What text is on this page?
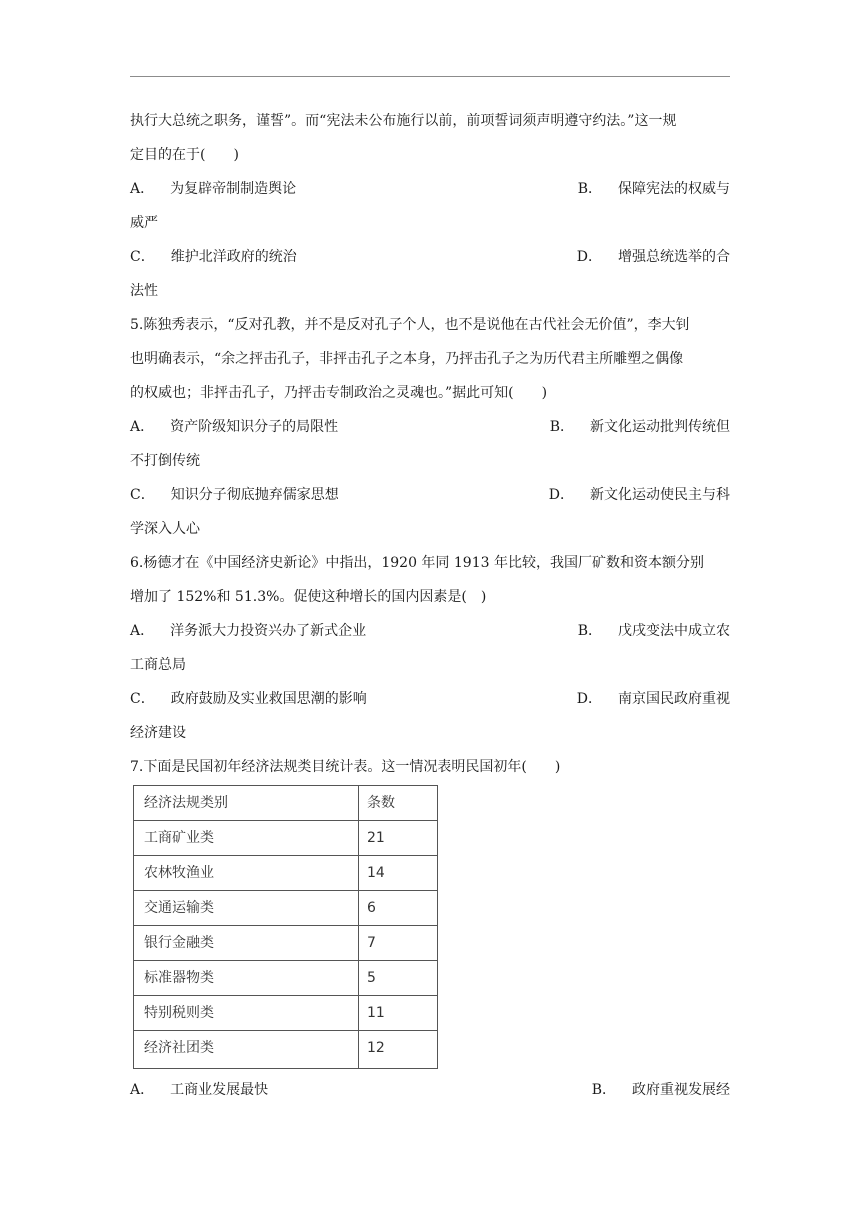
执行大总统之职务，谨誓”。而“宪法未公布施行以前，前项誓词须声明遵守约法。”这一规
定目的在于(　　)
A． 为复辟帝制制造舆论	B． 保障宪法的权威与
威严
C． 维护北洋政府的统治	D． 增强总统选举的合
法性
5.陈独秀表示，“反对孔教，并不是反对孔子个人，也不是说他在古代社会无价值”，李大钊
也明确表示，“余之抨击孔子，非抨击孔子之本身，乃抨击孔子之为历代君主所雕塑之偶像
的权威也；非抨击孔子，乃抨击专制政治之灵魂也。”据此可知(　　)
A． 资产阶级知识分子的局限性	B． 新文化运动批判传统但
不打倒传统
C． 知识分子彻底抛弃儒家思想	D． 新文化运动使民主与科
学深入人心
6.杨德才在《中国经济史新论》中指出，1920 年同 1913 年比较，我国厂矿数和资本额分别
增加了 152%和 51.3%。促使这种增长的国内因素是(　)
A． 洋务派大力投资兴办了新式企业	B． 戊戌变法中成立农
工商总局
C． 政府鼓励及实业救国思潮的影响	D． 南京国民政府重视
经济建设
7.下面是民国初年经济法规类目统计表。这一情况表明民国初年(　　)
经济法规类别	条数
工商矿业类	21
农林牧渔业	14
交通运输类	6
银行金融类	7
标准器物类	5
特别税则类	11
经济社团类	12
A． 工商业发展最快	B． 政府重视发展经
